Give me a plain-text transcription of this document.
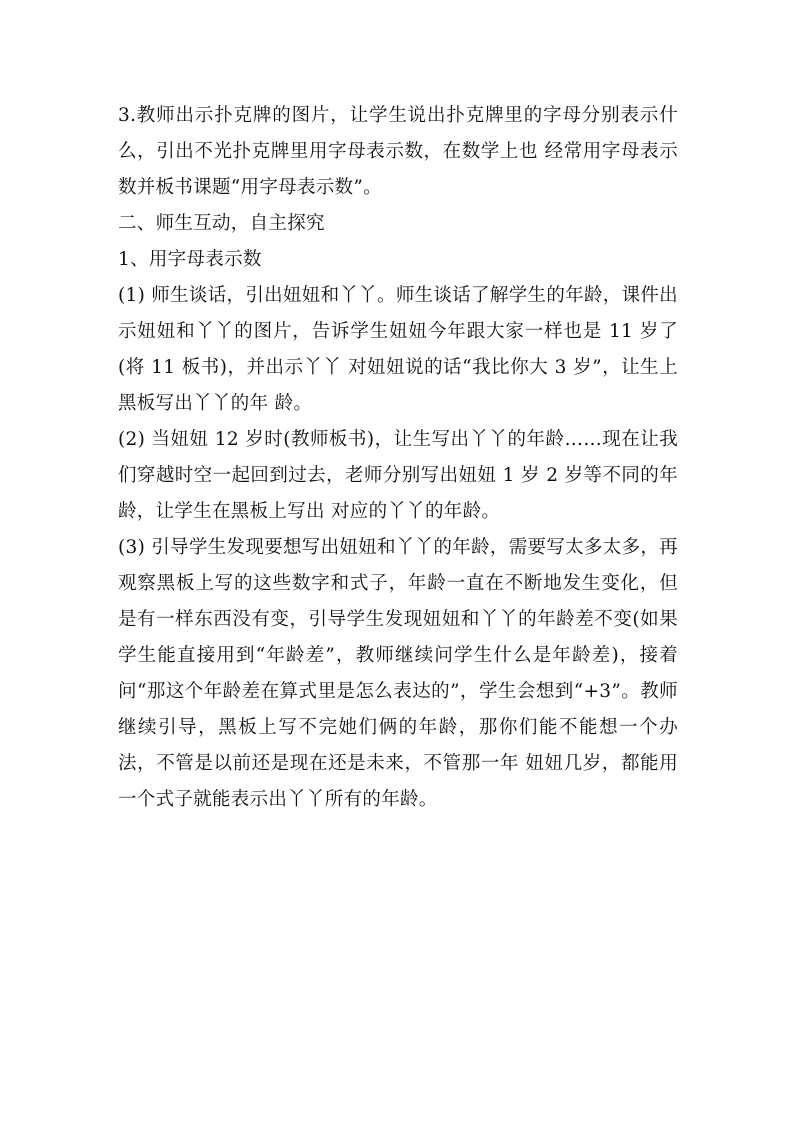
3.教师出示扑克牌的图片，让学生说出扑克牌里的字母分别表示什么，引出不光扑克牌里用字母表示数，在数学上也 经常用字母表示数并板书课题“用字母表示数”。

二、师生互动，自主探究

1、用字母表示数

(1) 师生谈话，引出妞妞和丫丫。师生谈话了解学生的年龄，课件出示妞妞和丫丫的图片，告诉学生妞妞今年跟大家一样也是 11 岁了(将 11 板书)，并出示丫丫 对妞妞说的话“我比你大 3 岁”，让生上黑板写出丫丫的年 龄。

(2) 当妞妞 12 岁时(教师板书)，让生写出丫丫的年龄……现在让我们穿越时空一起回到过去，老师分别写出妞妞 1 岁 2 岁等不同的年龄，让学生在黑板上写出 对应的丫丫的年龄。

(3) 引导学生发现要想写出妞妞和丫丫的年龄，需要写太多太多，再观察黑板上写的这些数字和式子，年龄一直在不断地发生变化，但是有一样东西没有变，引导学生发现妞妞和丫丫的年龄差不变(如果学生能直接用到“年龄差”，教师继续问学生什么是年龄差)，接着 问“那这个年龄差在算式里是怎么表达的”，学生会想到“+3”。教师继续引导，黑板上写不完她们俩的年龄，那你们能不能想一个办法，不管是以前还是现在还是未来，不管那一年 妞妞几岁，都能用一个式子就能表示出丫丫所有的年龄。
